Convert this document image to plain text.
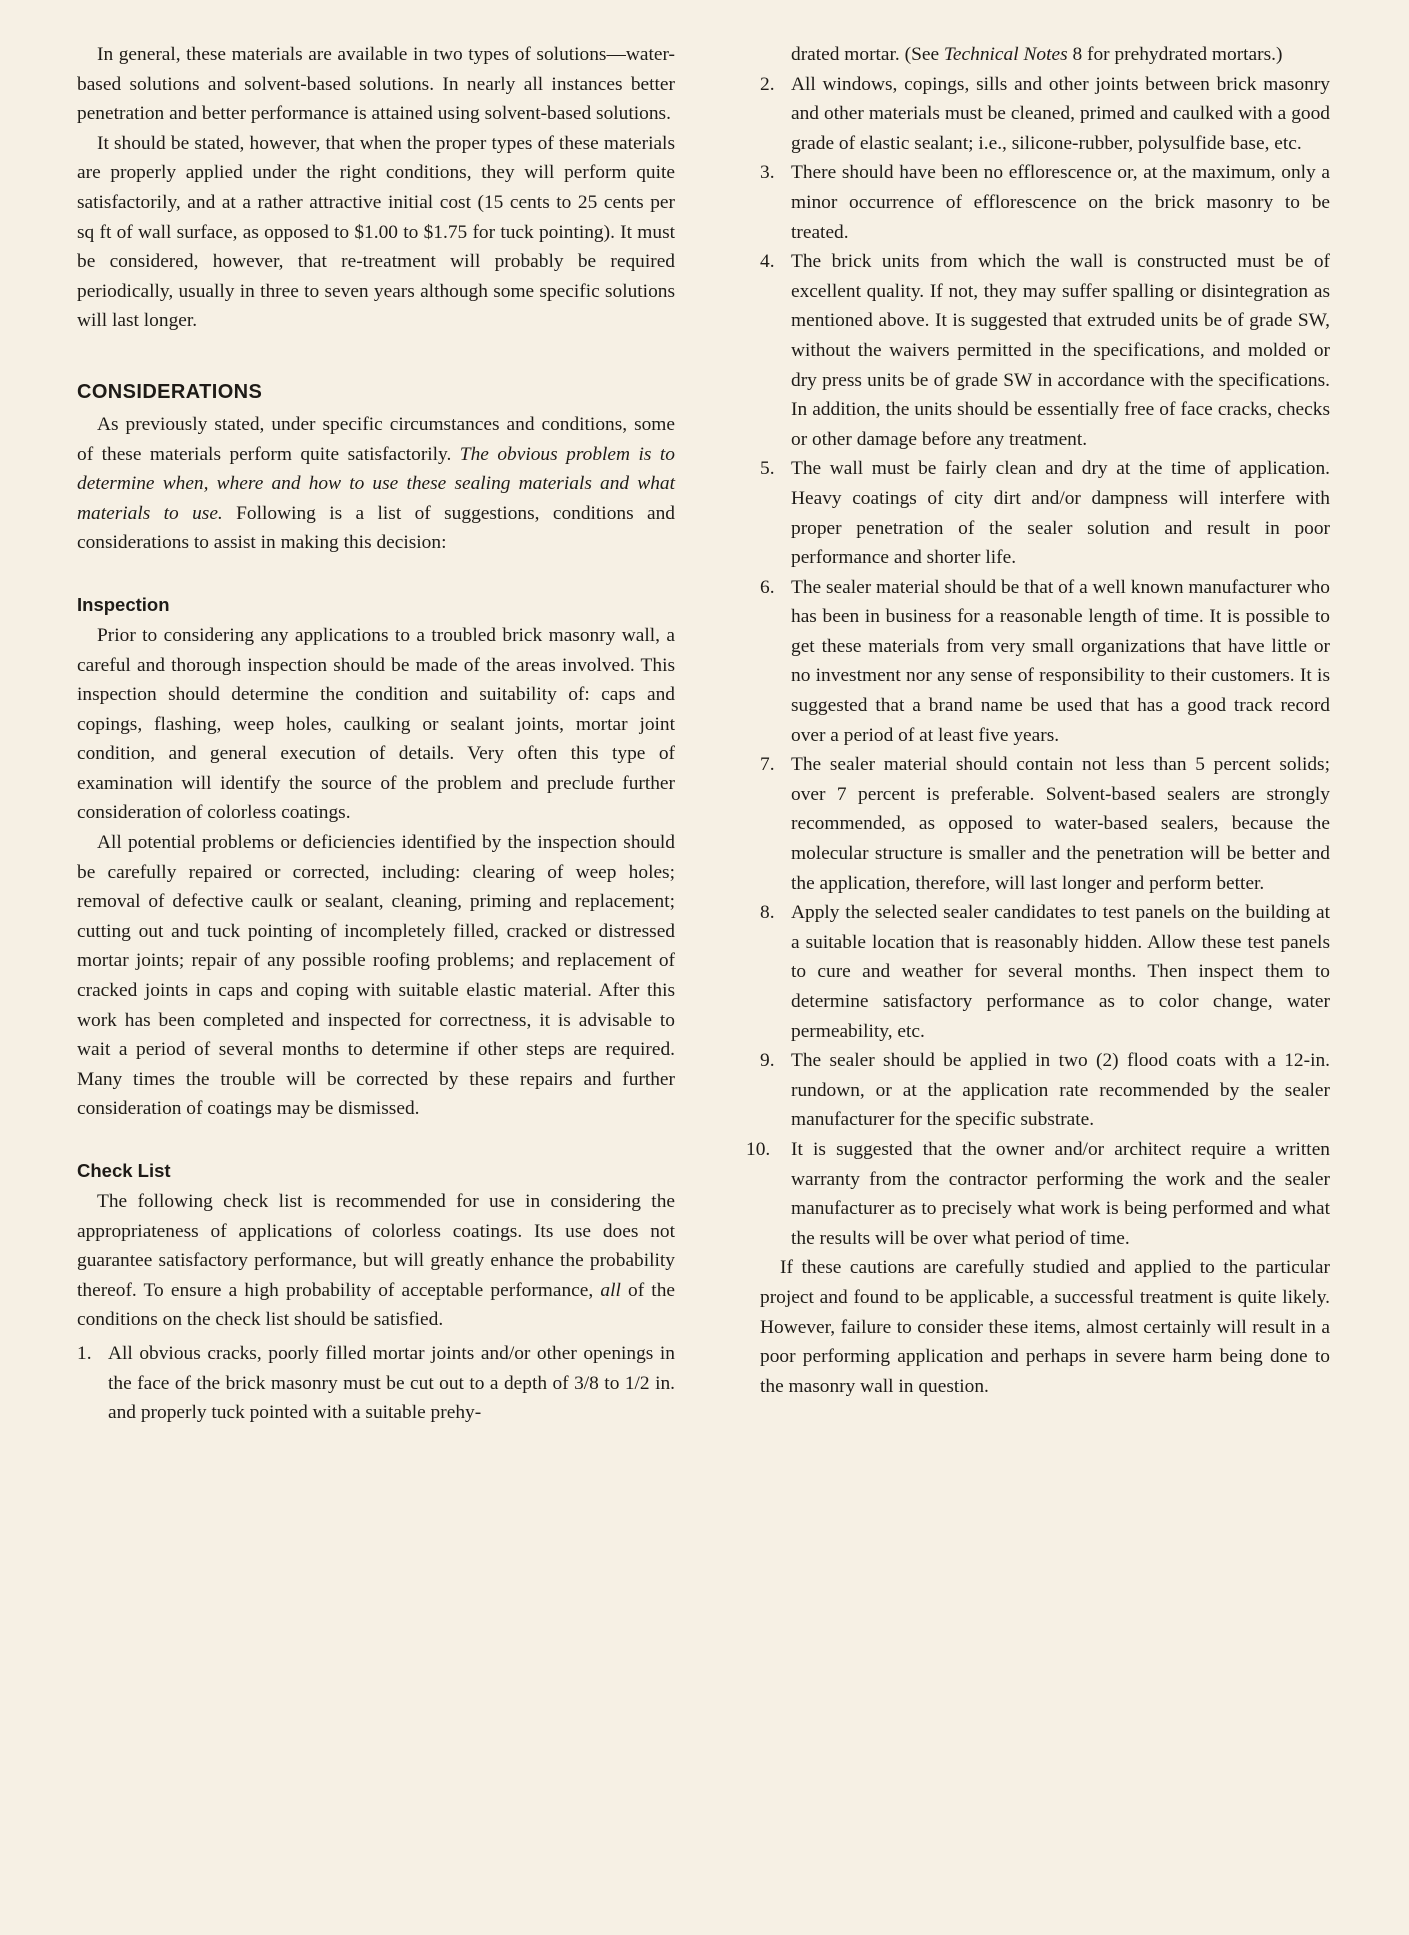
In general, these materials are available in two types of solutions—water-based solutions and solvent-based solutions. In nearly all instances better penetration and better performance is attained using solvent-based solutions.

It should be stated, however, that when the proper types of these materials are properly applied under the right conditions, they will perform quite satisfactorily, and at a rather attractive initial cost (15 cents to 25 cents per sq ft of wall surface, as opposed to $1.00 to $1.75 for tuck pointing). It must be considered, however, that re-treatment will probably be required periodically, usually in three to seven years although some specific solutions will last longer.

CONSIDERATIONS

As previously stated, under specific circumstances and conditions, some of these materials perform quite satisfactorily. The obvious problem is to determine when, where and how to use these sealing materials and what materials to use. Following is a list of suggestions, conditions and considerations to assist in making this decision:

Inspection

Prior to considering any applications to a troubled brick masonry wall, a careful and thorough inspection should be made of the areas involved. This inspection should determine the condition and suitability of: caps and copings, flashing, weep holes, caulking or sealant joints, mortar joint condition, and general execution of details. Very often this type of examination will identify the source of the problem and preclude further consideration of colorless coatings.

All potential problems or deficiencies identified by the inspection should be carefully repaired or corrected, including: clearing of weep holes; removal of defective caulk or sealant, cleaning, priming and replacement; cutting out and tuck pointing of incompletely filled, cracked or distressed mortar joints; repair of any possible roofing problems; and replacement of cracked joints in caps and coping with suitable elastic material. After this work has been completed and inspected for correctness, it is advisable to wait a period of several months to determine if other steps are required. Many times the trouble will be corrected by these repairs and further consideration of coatings may be dismissed.

Check List

The following check list is recommended for use in considering the appropriateness of applications of colorless coatings. Its use does not guarantee satisfactory performance, but will greatly enhance the probability thereof. To ensure a high probability of acceptable performance, all of the conditions on the check list should be satisfied.

1. All obvious cracks, poorly filled mortar joints and/or other openings in the face of the brick masonry must be cut out to a depth of 3/8 to 1/2 in. and properly tuck pointed with a suitable prehy-
drated mortar. (See Technical Notes 8 for prehydrated mortars.)
2. All windows, copings, sills and other joints between brick masonry and other materials must be cleaned, primed and caulked with a good grade of elastic sealant; i.e., silicone-rubber, polysulfide base, etc.
3. There should have been no efflorescence or, at the maximum, only a minor occurrence of efflorescence on the brick masonry to be treated.
4. The brick units from which the wall is constructed must be of excellent quality. If not, they may suffer spalling or disintegration as mentioned above. It is suggested that extruded units be of grade SW, without the waivers permitted in the specifications, and molded or dry press units be of grade SW in accordance with the specifications. In addition, the units should be essentially free of face cracks, checks or other damage before any treatment.
5. The wall must be fairly clean and dry at the time of application. Heavy coatings of city dirt and/or dampness will interfere with proper penetration of the sealer solution and result in poor performance and shorter life.
6. The sealer material should be that of a well known manufacturer who has been in business for a reasonable length of time. It is possible to get these materials from very small organizations that have little or no investment nor any sense of responsibility to their customers. It is suggested that a brand name be used that has a good track record over a period of at least five years.
7. The sealer material should contain not less than 5 percent solids; over 7 percent is preferable. Solvent-based sealers are strongly recommended, as opposed to water-based sealers, because the molecular structure is smaller and the penetration will be better and the application, therefore, will last longer and perform better.
8. Apply the selected sealer candidates to test panels on the building at a suitable location that is reasonably hidden. Allow these test panels to cure and weather for several months. Then inspect them to determine satisfactory performance as to color change, water permeability, etc.
9. The sealer should be applied in two (2) flood coats with a 12-in. rundown, or at the application rate recommended by the sealer manufacturer for the specific substrate.
10. It is suggested that the owner and/or architect require a written warranty from the contractor performing the work and the sealer manufacturer as to precisely what work is being performed and what the results will be over what period of time.

If these cautions are carefully studied and applied to the particular project and found to be applicable, a successful treatment is quite likely. However, failure to consider these items, almost certainly will result in a poor performing application and perhaps in severe harm being done to the masonry wall in question.
